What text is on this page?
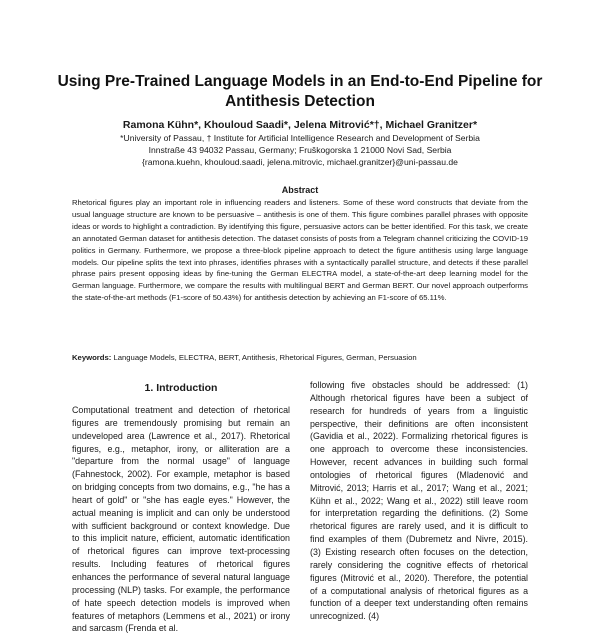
Using Pre-Trained Language Models in an End-to-End Pipeline for Antithesis Detection
Ramona Kühn*, Khouloud Saadi*, Jelena Mitrović*†, Michael Granitzer*
*University of Passau, † Institute for Artificial Intelligence Research and Development of Serbia
Innstraße 43 94032 Passau, Germany; Fruškogorska 1 21000 Novi Sad, Serbia
{ramona.kuehn, khouloud.saadi, jelena.mitrovic, michael.granitzer}@uni-passau.de
Abstract

Rhetorical figures play an important role in influencing readers and listeners. Some of these word constructs that deviate from the usual language structure are known to be persuasive – antithesis is one of them. This figure combines parallel phrases with opposite ideas or words to highlight a contradiction. By identifying this figure, persuasive actors can be better identified. For this task, we create an annotated German dataset for antithesis detection. The dataset consists of posts from a Telegram channel criticizing the COVID-19 politics in Germany. Furthermore, we propose a three-block pipeline approach to detect the figure antithesis using large language models. Our pipeline splits the text into phrases, identifies phrases with a syntactically parallel structure, and detects if these parallel phrase pairs present opposing ideas by fine-tuning the German ELECTRA model, a state-of-the-art deep learning model for the German language. Furthermore, we compare the results with multilingual BERT and German BERT. Our novel approach outperforms the state-of-the-art methods (F1-score of 50.43%) for antithesis detection by achieving an F1-score of 65.11%.

Keywords: Language Models, ELECTRA, BERT, Antithesis, Rhetorical Figures, German, Persuasion
1. Introduction

Computational treatment and detection of rhetorical figures are tremendously promising but remain an undeveloped area (Lawrence et al., 2017). Rhetorical figures, e.g., metaphor, irony, or alliteration are a "departure from the normal usage" of language (Fahnestock, 2002). For example, metaphor is based on bridging concepts from two domains, e.g., "he has a heart of gold" or "she has eagle eyes." However, the actual meaning is implicit and can only be understood with sufficient background or context knowledge. Due to this implicit nature, efficient, automatic identification of rhetorical figures can improve text-processing results. Including features of rhetorical figures enhances the performance of several natural language processing (NLP) tasks. For example, the performance of hate speech detection models is improved when features of metaphors (Lemmens et al., 2021) or irony and sarcasm (Frenda et al.

following five obstacles should be addressed: (1) Although rhetorical figures have been a subject of research for hundreds of years from a linguistic perspective, their definitions are often inconsistent (Gavidia et al., 2022). Formalizing rhetorical figures is one approach to overcome these inconsistencies. However, recent advances in building such formal ontologies of rhetorical figures (Mladenović and Mitrović, 2013; Harris et al., 2017; Wang et al., 2021; Kühn et al., 2022; Wang et al., 2022) still leave room for interpretation regarding the definitions. (2) Some rhetorical figures are rarely used, and it is difficult to find examples of them (Dubremetz and Nivre, 2015). (3) Existing research often focuses on the detection, rarely considering the cognitive effects of rhetorical figures (Mitrović et al., 2020). Therefore, the potential of a computational analysis of rhetorical figures as a function of a deeper text understanding often remains unrecognized. (4)
